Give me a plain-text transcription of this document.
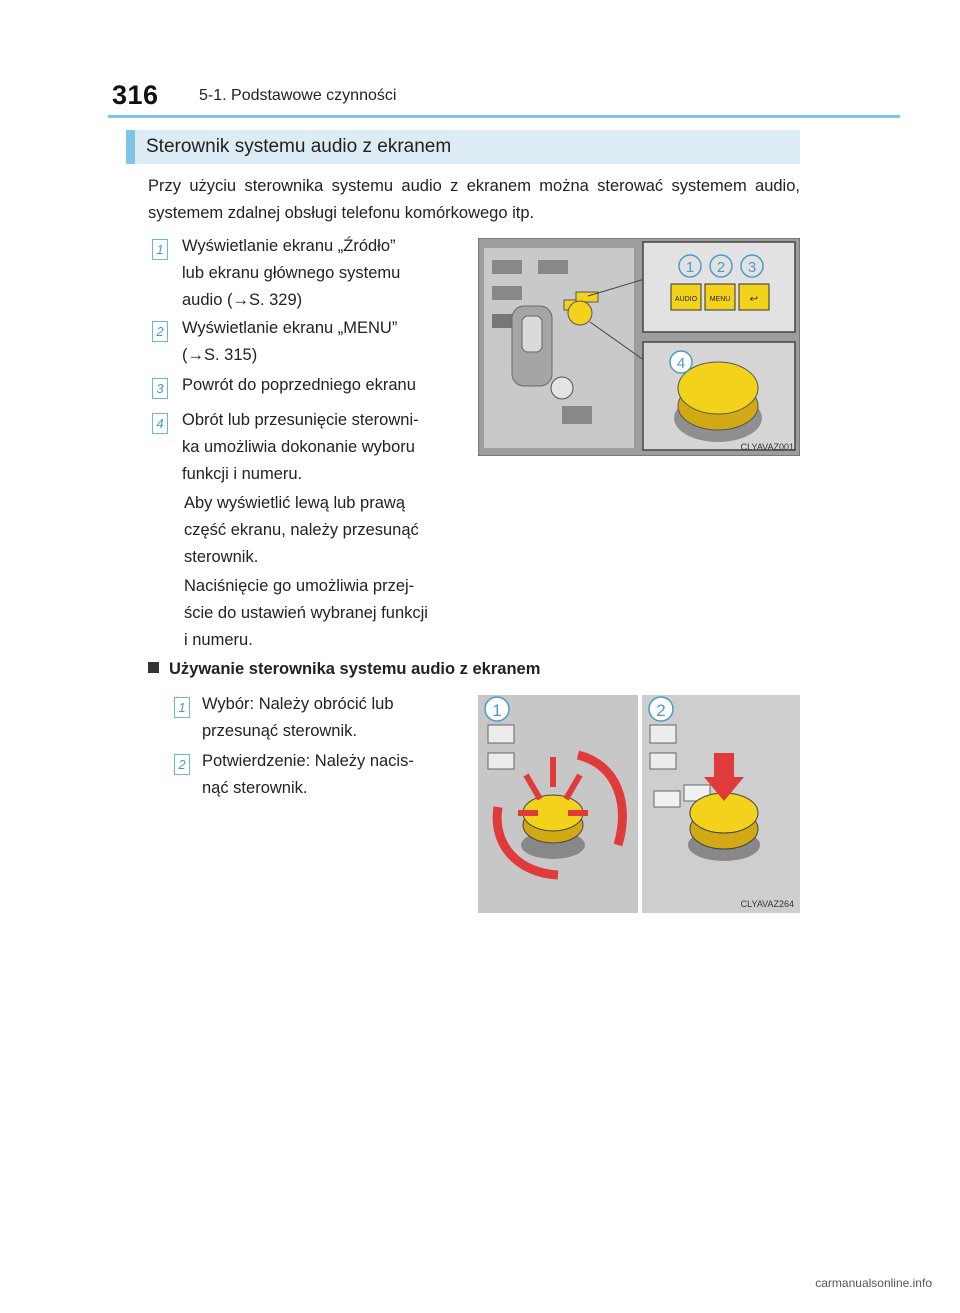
316	5-1. Podstawowe czynności
Sterownik systemu audio z ekranem
Przy użyciu sterownika systemu audio z ekranem można sterować systemem audio, systemem zdalnej obsługi telefonu komórkowego itp.
1 Wyświetlanie ekranu „Źródło”
lub ekranu głównego systemu
audio (→S. 329)
2 Wyświetlanie ekranu „MENU”
(→S. 315)
3 Powrót do poprzedniego ekranu
4 Obrót lub przesunięcie sterowni-
ka umożliwia dokonanie wyboru
funkcji i numeru.
Aby wyświetlić lewą lub prawą
część ekranu, należy przesunąć
sterownik.
Naciśnięcie go umożliwia przej-
ście do ustawień wybranej funkcji
i numeru.
AUDIO MENU ↩
1 2 3
4
CLYAVAZ001
Używanie sterownika systemu audio z ekranem
1 Wybór: Należy obrócić lub
przesunąć sterownik.
2 Potwierdzenie: Należy nacis-
nąć sterownik.
1	2
CLYAVAZ264
carmanualsonline.info
